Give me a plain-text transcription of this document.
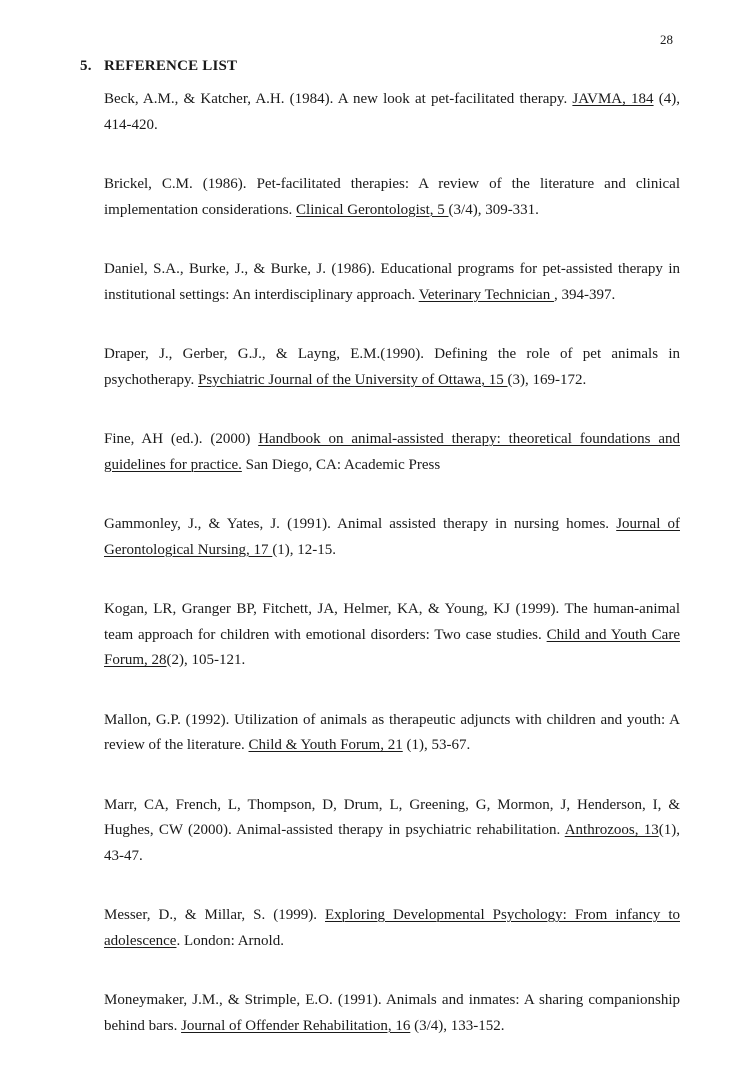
28
5. REFERENCE LIST

Beck, A.M., & Katcher, A.H. (1984). A new look at pet-facilitated therapy. JAVMA, 184 (4), 414-420.

Brickel, C.M. (1986). Pet-facilitated therapies: A review of the literature and clinical implementation considerations. Clinical Gerontologist, 5 (3/4), 309-331.

Daniel, S.A., Burke, J., & Burke, J. (1986). Educational programs for pet-assisted therapy in institutional settings: An interdisciplinary approach. Veterinary Technician , 394-397.

Draper, J., Gerber, G.J., & Layng, E.M.(1990). Defining the role of pet animals in psychotherapy. Psychiatric Journal of the University of Ottawa, 15 (3), 169-172.

Fine, AH (ed.). (2000) Handbook on animal-assisted therapy: theoretical foundations and guidelines for practice. San Diego, CA: Academic Press

Gammonley, J., & Yates, J. (1991). Animal assisted therapy in nursing homes. Journal of Gerontological Nursing, 17 (1), 12-15.

Kogan, LR, Granger BP, Fitchett, JA, Helmer, KA, & Young, KJ (1999). The human-animal team approach for children with emotional disorders: Two case studies. Child and Youth Care Forum, 28(2), 105-121.

Mallon, G.P. (1992). Utilization of animals as therapeutic adjuncts with children and youth: A review of the literature. Child & Youth Forum, 21 (1), 53-67.

Marr, CA, French, L, Thompson, D, Drum, L, Greening, G, Mormon, J, Henderson, I, & Hughes, CW (2000). Animal-assisted therapy in psychiatric rehabilitation. Anthrozoos, 13(1), 43-47.

Messer, D., & Millar, S. (1999). Exploring Developmental Psychology: From infancy to adolescence. London: Arnold.

Moneymaker, J.M., & Strimple, E.O. (1991). Animals and inmates: A sharing companionship behind bars. Journal of Offender Rehabilitation, 16 (3/4), 133-152.
